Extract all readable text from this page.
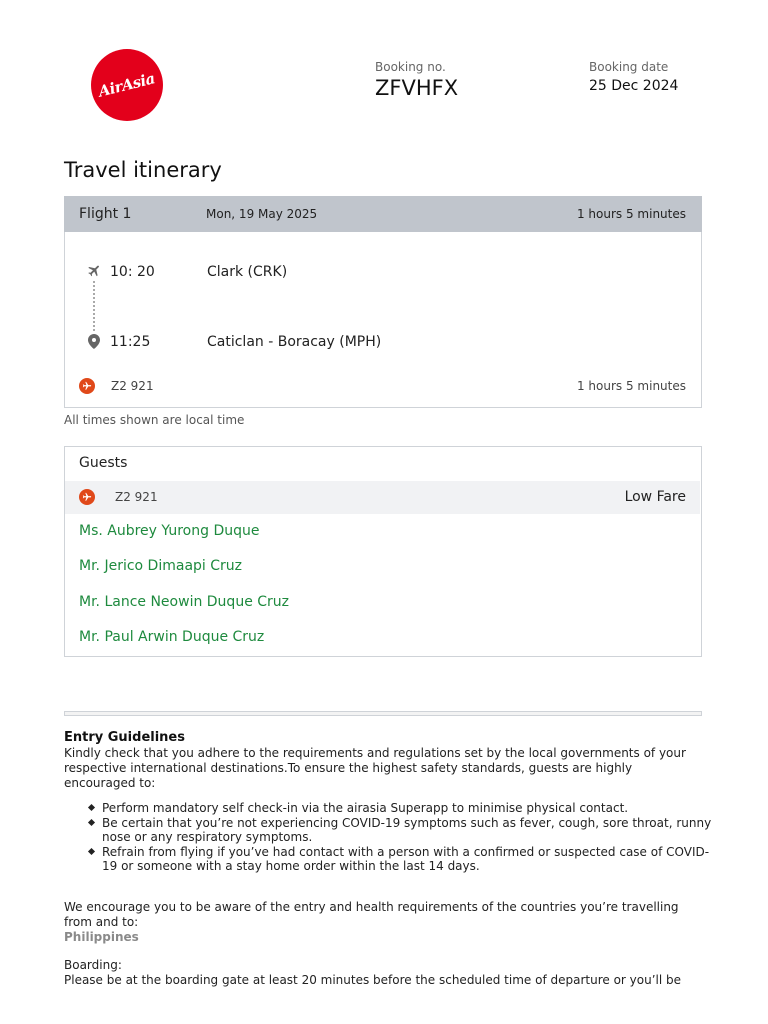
AirAsia
Booking no.
ZFVHFX
Booking date
25 Dec 2024
Travel itinerary
Flight 1	Mon, 19 May 2025	1 hours 5 minutes
10: 20	Clark (CRK)
11:25	Caticlan - Boracay (MPH)
Z2 921	1 hours 5 minutes
All times shown are local time
Guests
Z2 921	Low Fare
Ms. Aubrey Yurong Duque
Mr. Jerico Dimaapi Cruz
Mr. Lance Neowin Duque Cruz
Mr. Paul Arwin Duque Cruz
Entry Guidelines
Kindly check that you adhere to the requirements and regulations set by the local governments of your respective international destinations.To ensure the highest safety standards, guests are highly encouraged to:
Perform mandatory self check-in via the airasia Superapp to minimise physical contact.
Be certain that you’re not experiencing COVID-19 symptoms such as fever, cough, sore throat, runny nose or any respiratory symptoms.
Refrain from flying if you’ve had contact with a person with a confirmed or suspected case of COVID-19 or someone with a stay home order within the last 14 days.
We encourage you to be aware of the entry and health requirements of the countries you’re travelling from and to:
Philippines
Boarding:
Please be at the boarding gate at least 20 minutes before the scheduled time of departure or you’ll be
